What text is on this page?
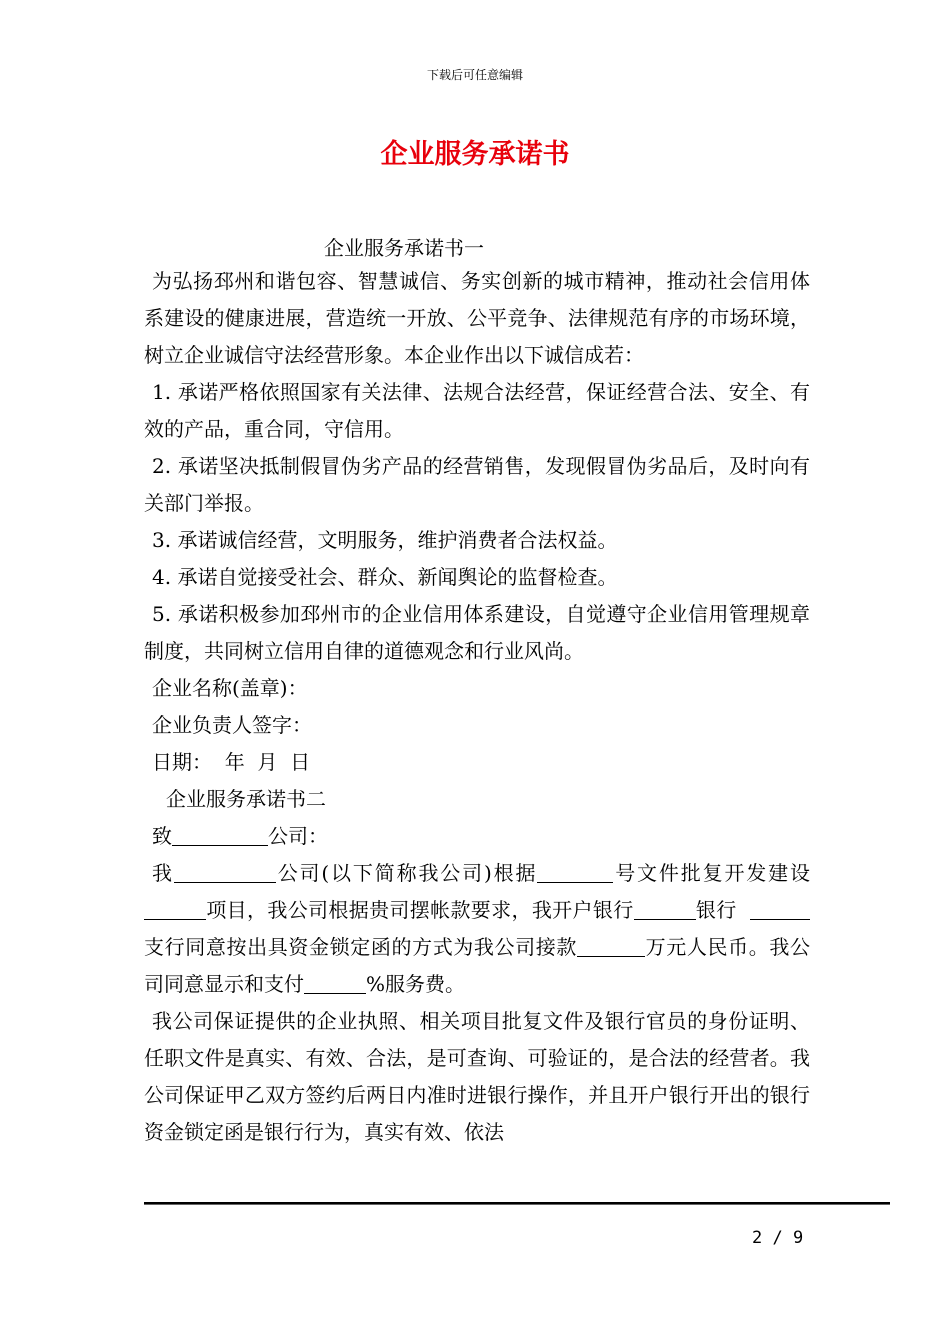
下载后可任意编辑
企业服务承诺书
企业服务承诺书一

为弘扬邳州和谐包容、智慧诚信、务实创新的城市精神，推动社会信用体系建设的健康进展，营造统一开放、公平竞争、法律规范有序的市场环境，树立企业诚信守法经营形象。本企业作出以下诚信成若：

1. 承诺严格依照国家有关法律、法规合法经营，保证经营合法、安全、有效的产品，重合同，守信用。

2. 承诺坚决抵制假冒伪劣产品的经营销售，发现假冒伪劣品后，及时向有关部门举报。

3. 承诺诚信经营，文明服务，维护消费者合法权益。

4. 承诺自觉接受社会、群众、新闻舆论的监督检查。

5. 承诺积极参加邳州市的企业信用体系建设，自觉遵守企业信用管理规章制度，共同树立信用自律的道德观念和行业风尚。

企业名称(盖章)：

企业负责人签字：

日期：  年  月  日

企业服务承诺书二

致	公司：

我	公司(以下简称我公司)根据	号文件批复开发建设项目，我公司根据贵司摆帐款要求，我开户银行	银行  支行同意按出具资金锁定函的方式为我公司接款	万元人民币。我公司同意显示和支付	%服务费。

我公司保证提供的企业执照、相关项目批复文件及银行官员的身份证明、任职文件是真实、有效、合法，是可查询、可验证的，是合法的经营者。我公司保证甲乙双方签约后两日内准时进银行操作，并且开户银行开出的银行资金锁定函是银行行为，真实有效、依法

2 / 9
